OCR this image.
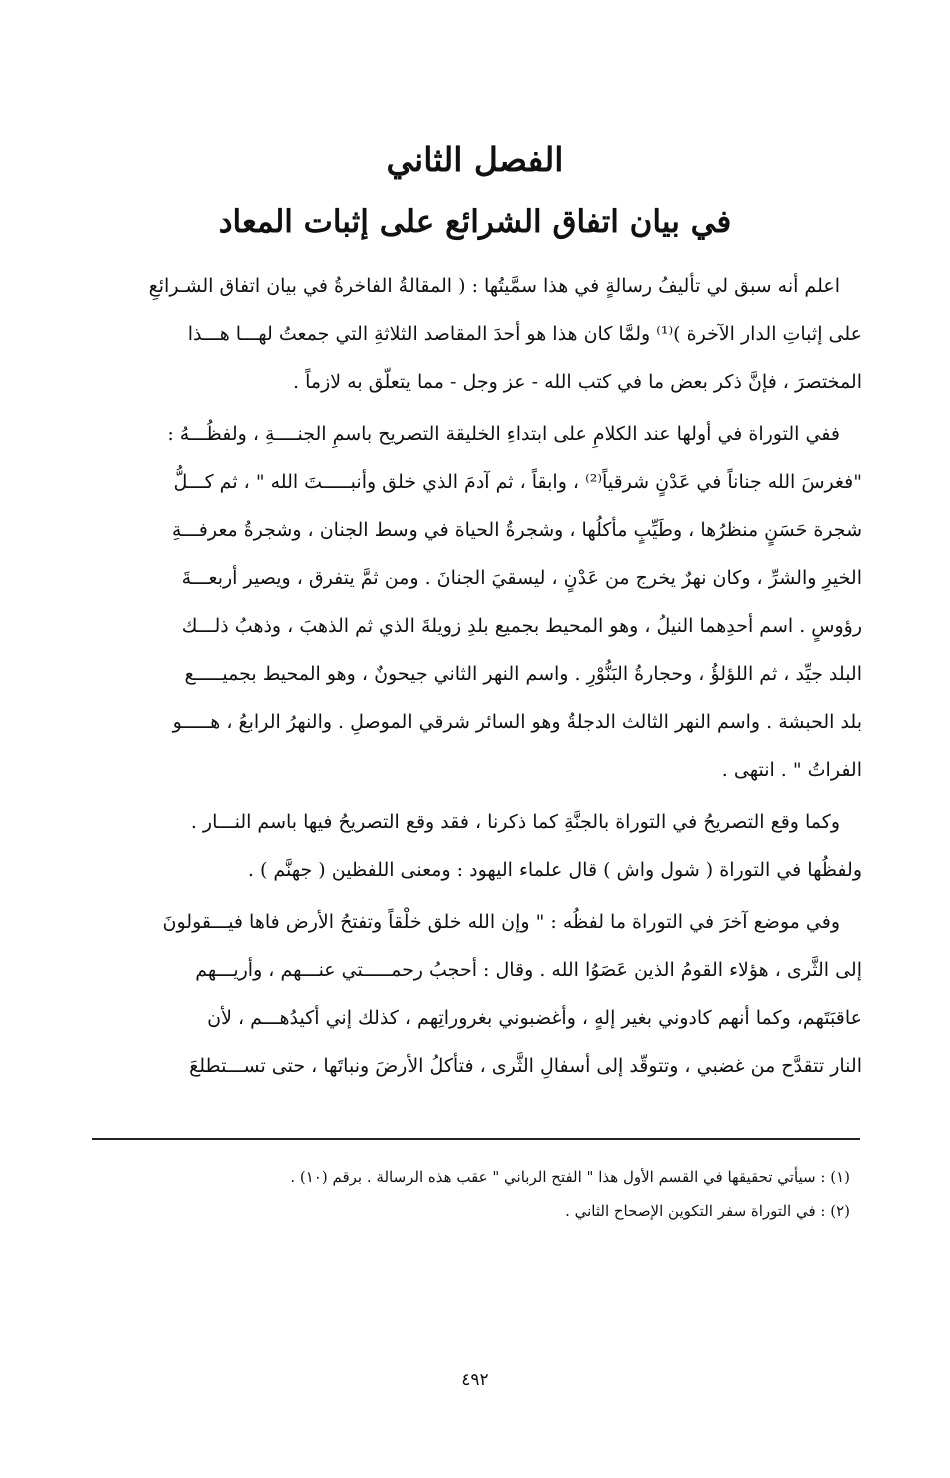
الفصل الثاني
في بيان اتفاق الشرائع على إثبات المعاد
اعلم أنه سبق لي تأليفُ رسالةٍ في هذا سمَّيتُها : ( المقالةُ الفاخرةُ في بيان اتفاق الشـرائعِ
على إثباتِ الدار الآخرة )⁽¹⁾ ولمَّا كان هذا هو أحدَ المقاصد الثلاثةِ التي جمعتُ لهـــا هـــذا
المختصرَ ، فإنَّ ذكر بعض ما في كتب الله - عز وجل - مما يتعلّق به لازماً .
ففي التوراة في أولها عند الكلامِ على ابتداءِ الخليقة التصريح باسمِ الجنــــةِ ، ولفظُـــهُ :
"فغرسَ الله جناناً في عَدْنٍ شرقياً⁽²⁾ ، وابقاً ، ثم آدمَ الذي خلق وأنبـــــتَ الله " ، ثم كـــلُّ
شجرة حَسَنٍ منظرُها ، وطَيِّبٍ مأكلُها ، وشجرةُ الحياة في وسط الجنان ، وشجرةُ معرفـــةِ
الخيرِ والشرِّ ، وكان نهرٌ يخرج من عَدْنٍ ، ليسقيَ الجنانَ . ومن ثمَّ يتفرق ، ويصير أربعـــةَ
رؤوسٍ . اسم أحدِهما النيلُ ، وهو المحيط بجميع بلدِ زويلةَ الذي ثم الذهبَ ، وذهبُ ذلـــك
البلد جيِّد ، ثم اللؤلؤُ ، وحجارةُ البَنُّوْرِ . واسم النهر الثاني جيحونٌ ، وهو المحيط بجميـــــع
بلد الحبشة . واسم النهر الثالث الدجلةُ وهو السائر شرقي الموصلِ . والنهرُ الرابعُ ، هـــــو
الفراتُ " . انتهى .
وكما وقع التصريحُ في التوراة بالجنَّةِ كما ذكرنا ، فقد وقع التصريحُ فيها باسم النـــار .
ولفظُها في التوراة ( شول واش ) قال علماء اليهود : ومعنى اللفظين ( جهنَّم ) .
وفي موضع آخرَ في التوراة ما لفظُه : " وإن الله خلق خلْقاً وتفتحُ الأرض فاها فيـــقولونَ
إلى الثَّرى ، هؤلاء القومُ الذين عَصَوُا الله . وقال : أحجبُ رحمـــــتي عنـــهم ، وأريـــهم
عاقبَتَهم، وكما أنهم كادوني بغير إلهٍ ، وأغضبوني بغروراتِهم ، كذلك إني أكيدُهـــم ، لأن
النار تتقدَّح من غضبي ، وتتوقّد إلى أسفالِ الثَّرى ، فتأكلُ الأرضَ ونباتَها ، حتى تســـتطلعَ
(١) : سيأتي تحقيقها في القسم الأول هذا " الفتح الرباني " عقب هذه الرسالة . برقم (١٠) .
(٢) : في التوراة سفر التكوين الإصحاح الثاني .
٤٩٢
